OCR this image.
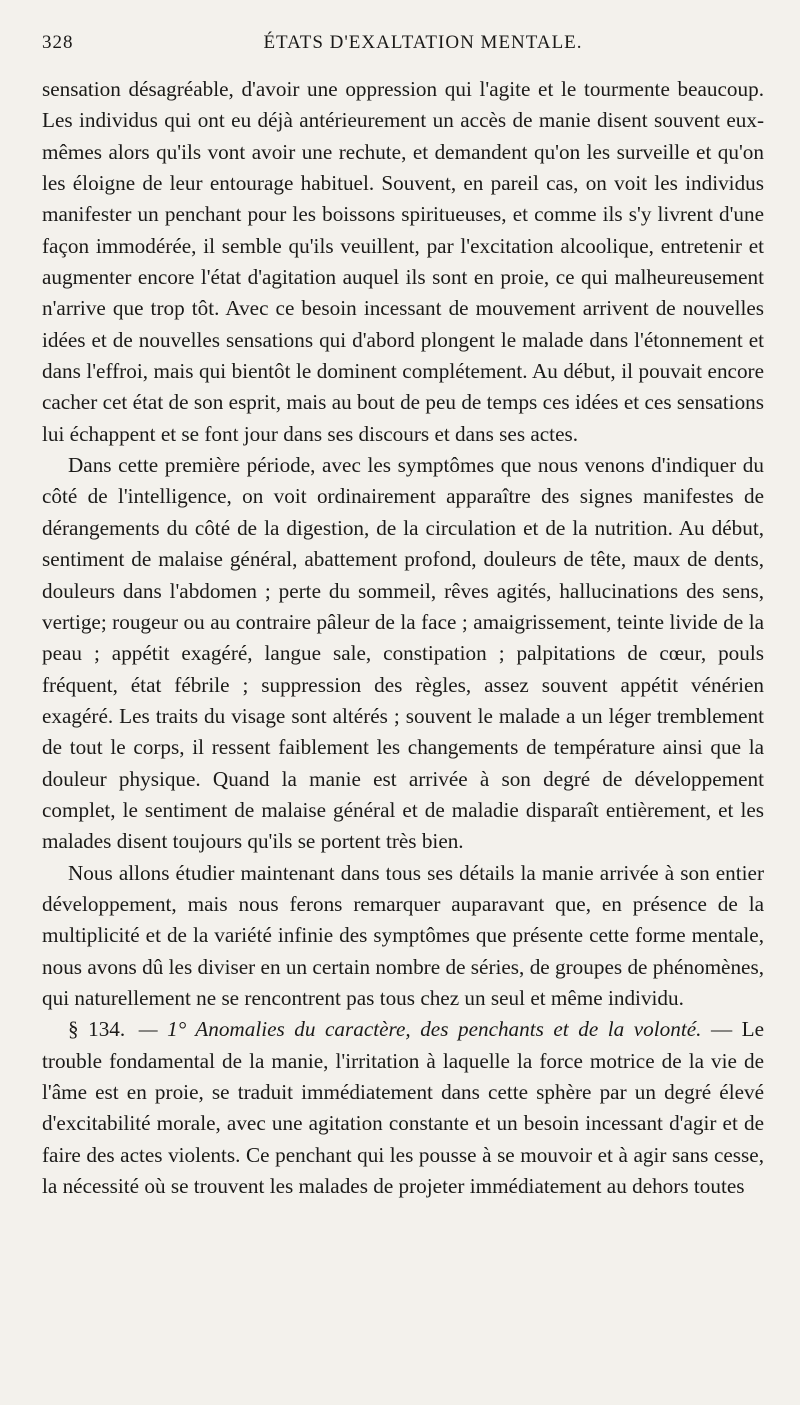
328	ÉTATS D'EXALTATION MENTALE.

sensation désagréable, d'avoir une oppression qui l'agite et le tourmente beaucoup. Les individus qui ont eu déjà antérieurement un accès de manie disent souvent eux-mêmes alors qu'ils vont avoir une rechute, et demandent qu'on les surveille et qu'on les éloigne de leur entourage habituel. Souvent, en pareil cas, on voit les individus manifester un penchant pour les boissons spiritueuses, et comme ils s'y livrent d'une façon immodérée, il semble qu'ils veuillent, par l'excitation alcoolique, entretenir et augmenter encore l'état d'agitation auquel ils sont en proie, ce qui malheureusement n'arrive que trop tôt. Avec ce besoin incessant de mouvement arrivent de nouvelles idées et de nouvelles sensations qui d'abord plongent le malade dans l'étonnement et dans l'effroi, mais qui bientôt le dominent complétement. Au début, il pouvait encore cacher cet état de son esprit, mais au bout de peu de temps ces idées et ces sensations lui échappent et se font jour dans ses discours et dans ses actes.

Dans cette première période, avec les symptômes que nous venons d'indiquer du côté de l'intelligence, on voit ordinairement apparaître des signes manifestes de dérangements du côté de la digestion, de la circulation et de la nutrition. Au début, sentiment de malaise général, abattement profond, douleurs de tête, maux de dents, douleurs dans l'abdomen ; perte du sommeil, rêves agités, hallucinations des sens, vertige; rougeur ou au contraire pâleur de la face ; amaigrissement, teinte livide de la peau ; appétit exagéré, langue sale, constipation ; palpitations de cœur, pouls fréquent, état fébrile ; suppression des règles, assez souvent appétit vénérien exagéré. Les traits du visage sont altérés ; souvent le malade a un léger tremblement de tout le corps, il ressent faiblement les changements de température ainsi que la douleur physique. Quand la manie est arrivée à son degré de développement complet, le sentiment de malaise général et de maladie disparaît entièrement, et les malades disent toujours qu'ils se portent très bien.

Nous allons étudier maintenant dans tous ses détails la manie arrivée à son entier développement, mais nous ferons remarquer auparavant que, en présence de la multiplicité et de la variété infinie des symptômes que présente cette forme mentale, nous avons dû les diviser en un certain nombre de séries, de groupes de phénomènes, qui naturellement ne se rencontrent pas tous chez un seul et même individu.

§ 134. — 1° Anomalies du caractère, des penchants et de la volonté. — Le trouble fondamental de la manie, l'irritation à laquelle la force motrice de la vie de l'âme est en proie, se traduit immédiatement dans cette sphère par un degré élevé d'excitabilité morale, avec une agitation constante et un besoin incessant d'agir et de faire des actes violents. Ce penchant qui les pousse à se mouvoir et à agir sans cesse, la nécessité où se trouvent les malades de projeter immédiatement au dehors toutes
